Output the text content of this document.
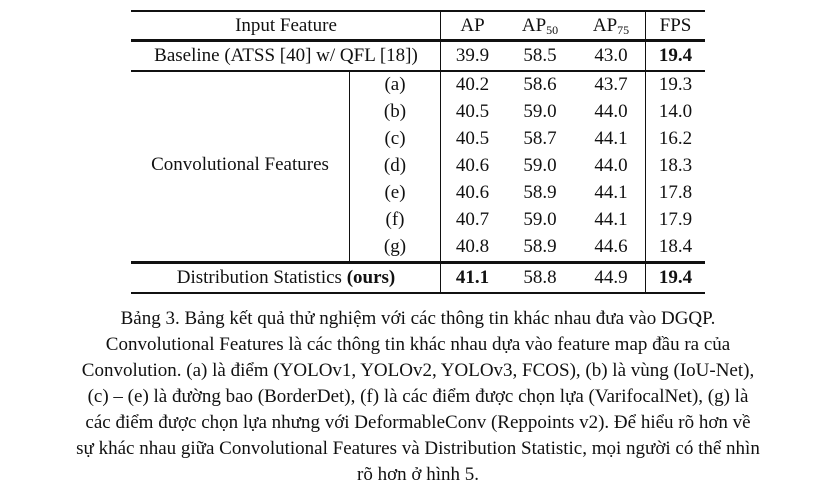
Input Feature	AP	$AP_{50}$	$AP_{75}$	FPS
Baseline (ATSS [40] w/ QFL [18])	39.9	58.5	43.0	19.4
Convolutional Features
(a)	40.2	58.6	43.7	19.3
(b)	40.5	59.0	44.0	14.0
(c)	40.5	58.7	44.1	16.2
(d)	40.6	59.0	44.0	18.3
(e)	40.6	58.9	44.1	17.8
(f)	40.7	59.0	44.1	17.9
(g)	40.8	58.9	44.6	18.4
Distribution Statistics (ours)	41.1	58.8	44.9	19.4
Bảng 3. Bảng kết quả thử nghiệm với các thông tin khác nhau đưa vào DGQP.
Convolutional Features là các thông tin khác nhau dựa vào feature map đầu ra của
Convolution. (a) là điểm (YOLOv1, YOLOv2, YOLOv3, FCOS), (b) là vùng (IoU-Net),
(c) – (e) là đường bao (BorderDet), (f) là các điểm được chọn lựa (VarifocalNet), (g) là
các điểm được chọn lựa nhưng với DeformableConv (Reppoints v2). Để hiểu rõ hơn về
sự khác nhau giữa Convolutional Features và Distribution Statistic, mọi người có thể nhìn
rõ hơn ở hình 5.
